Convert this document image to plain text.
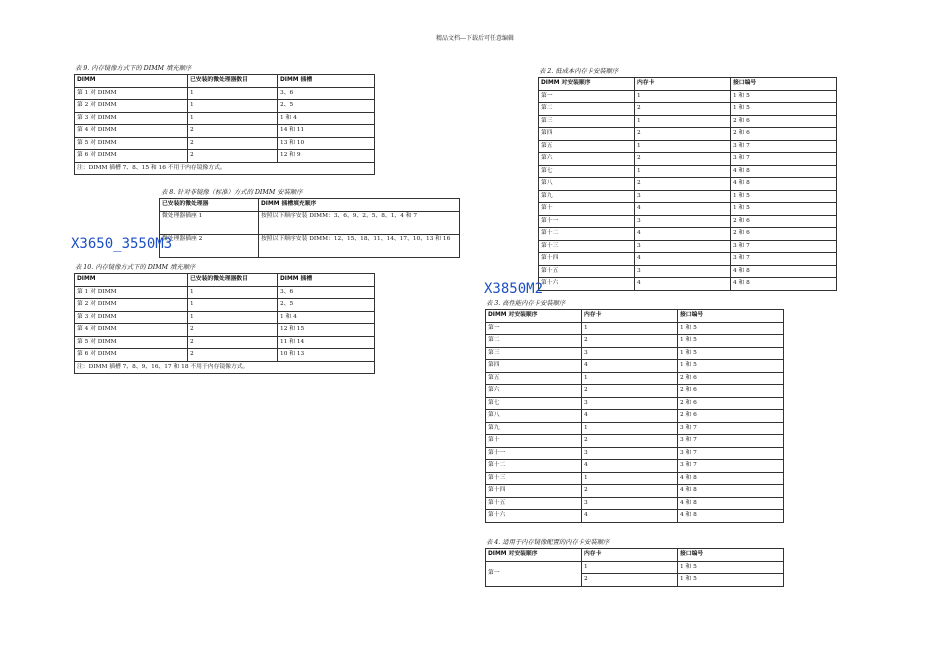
精品文档---下载后可任意编辑
表 9. 内存镜像方式下的 DIMM 填充顺序
DIMM	已安装的微处理器数目	DIMM 插槽
第 1 对 DIMM	1	3、6
第 2 对 DIMM	1	2、5
第 3 对 DIMM	1	1 和 4
第 4 对 DIMM	2	14 和 11
第 5 对 DIMM	2	13 和 10
第 6 对 DIMM	2	12 和 9
注：DIMM 插槽 7、8、15 和 16 不用于内存镜像方式。		
表 8. 针对非镜像（标准）方式的 DIMM 安装顺序
已安装的微处理器	DIMM 插槽填充顺序
微处理器插座 1	按照以下顺序安装 DIMM：3、6、9、2、5、8、1、4 和 7
微处理器插座 2	按照以下顺序安装 DIMM：12、15、18、11、14、17、10、13 和 16
X3650_3550M3
表 10. 内存镜像方式下的 DIMM 填充顺序
DIMM	已安装的微处理器数目	DIMM 插槽
第 1 对 DIMM	1	3、6
第 2 对 DIMM	1	2、5
第 3 对 DIMM	1	1 和 4
第 4 对 DIMM	2	12 和 15
第 5 对 DIMM	2	11 和 14
第 6 对 DIMM	2	10 和 13
注：DIMM 插槽 7、8、9、16、17 和 18 不用于内存镜像方式。		
表 2. 低成本内存卡安装顺序
DIMM 对安装顺序	内存卡	接口编号
第一	1	1 和 5
第二	2	1 和 5
第三	1	2 和 6
第四	2	2 和 6
第五	1	3 和 7
第六	2	3 和 7
第七	1	4 和 8
第八	2	4 和 8
第九	3	1 和 5
第十	4	1 和 5
第十一	3	2 和 6
第十二	4	2 和 6
第十三	3	3 和 7
第十四	4	3 和 7
第十五	3	4 和 8
第十六	4	4 和 8
X3850M2
表 3. 高性能内存卡安装顺序
DIMM 对安装顺序	内存卡	接口编号
第一	1	1 和 5
第二	2	1 和 5
第三	3	1 和 5
第四	4	1 和 5
第五	1	2 和 6
第六	2	2 和 6
第七	3	2 和 6
第八	4	2 和 6
第九	1	3 和 7
第十	2	3 和 7
第十一	3	3 和 7
第十二	4	3 和 7
第十三	1	4 和 8
第十四	2	4 和 8
第十五	3	4 和 8
第十六	4	4 和 8
表 4. 适用于内存镜像配置的内存卡安装顺序
DIMM 对安装顺序	内存卡	接口编号
第一	1	1 和 5
	2	1 和 5
